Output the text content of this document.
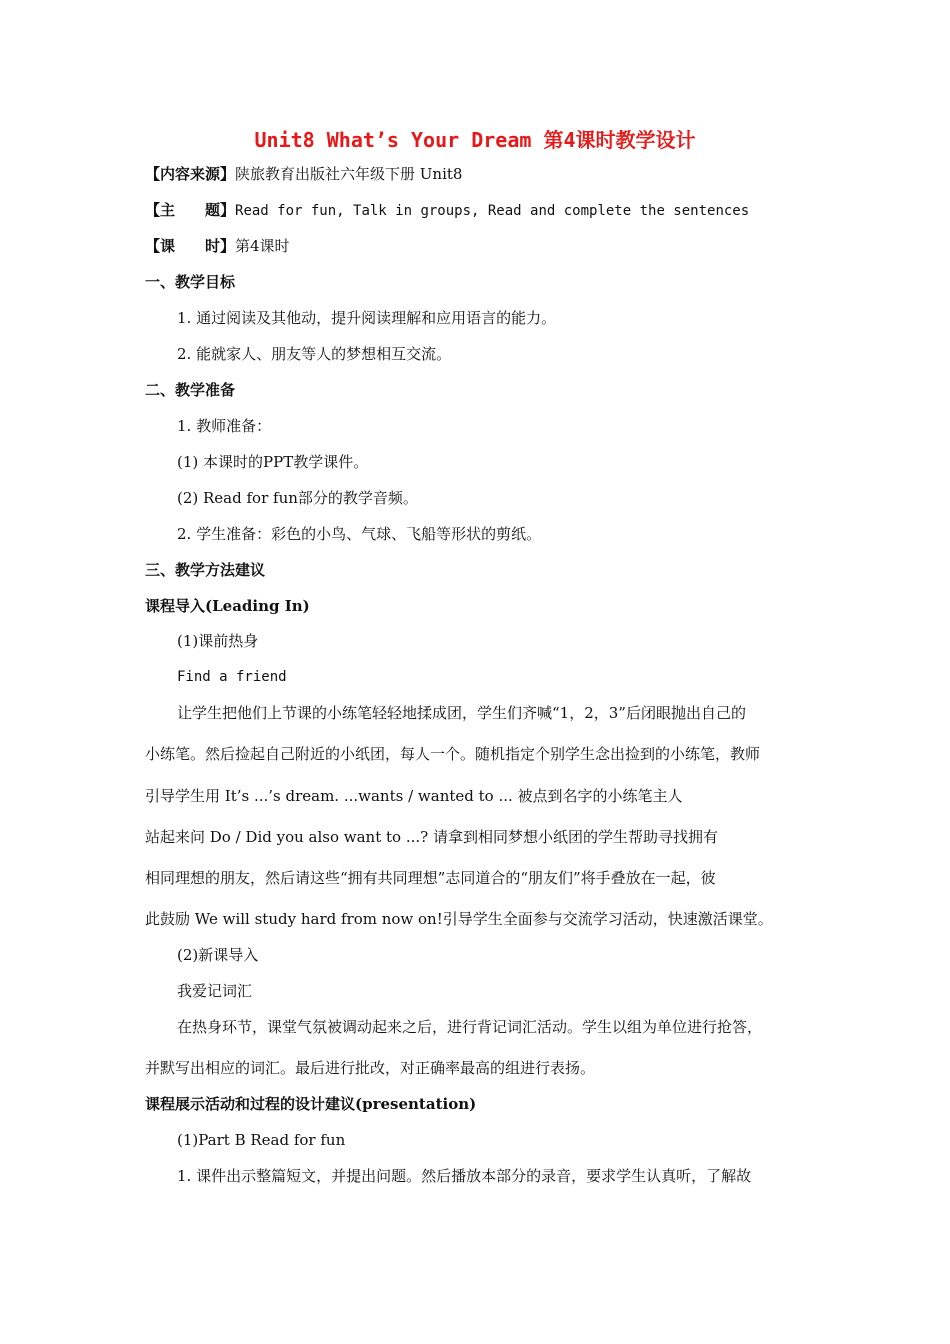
Unit8 What’s Your Dream 第4课时教学设计
【内容来源】陕旅教育出版社六年级下册 Unit8
【主　　题】Read for fun, Talk in groups, Read and complete the sentences
【课　　时】第4课时
一、教学目标
1. 通过阅读及其他动，提升阅读理解和应用语言的能力。
2. 能就家人、朋友等人的梦想相互交流。
二、教学准备
1. 教师准备：
(1) 本课时的PPT教学课件。
(2) Read for fun部分的教学音频。
2. 学生准备：彩色的小鸟、气球、飞船等形状的剪纸。
三、教学方法建议
课程导入(Leading In)
(1)课前热身
Find a friend
让学生把他们上节课的小练笔轻轻地揉成团，学生们齐喊“1，2，3”后闭眼抛出自己的
小练笔。然后捡起自己附近的小纸团，每人一个。随机指定个别学生念出捡到的小练笔，教师
引导学生用 It’s ...’s dream. ...wants / wanted to ... 被点到名字的小练笔主人
站起来问 Do / Did you also want to ...? 请拿到相同梦想小纸团的学生帮助寻找拥有
相同理想的朋友，然后请这些“拥有共同理想”志同道合的“朋友们”将手叠放在一起，彼
此鼓励 We will study hard from now on!引导学生全面参与交流学习活动，快速激活课堂。
(2)新课导入
我爱记词汇
在热身环节，课堂气氛被调动起来之后，进行背记词汇活动。学生以组为单位进行抢答，
并默写出相应的词汇。最后进行批改，对正确率最高的组进行表扬。
课程展示活动和过程的设计建议(presentation)
(1)Part B Read for fun
1. 课件出示整篇短文，并提出问题。然后播放本部分的录音，要求学生认真听，了解故
